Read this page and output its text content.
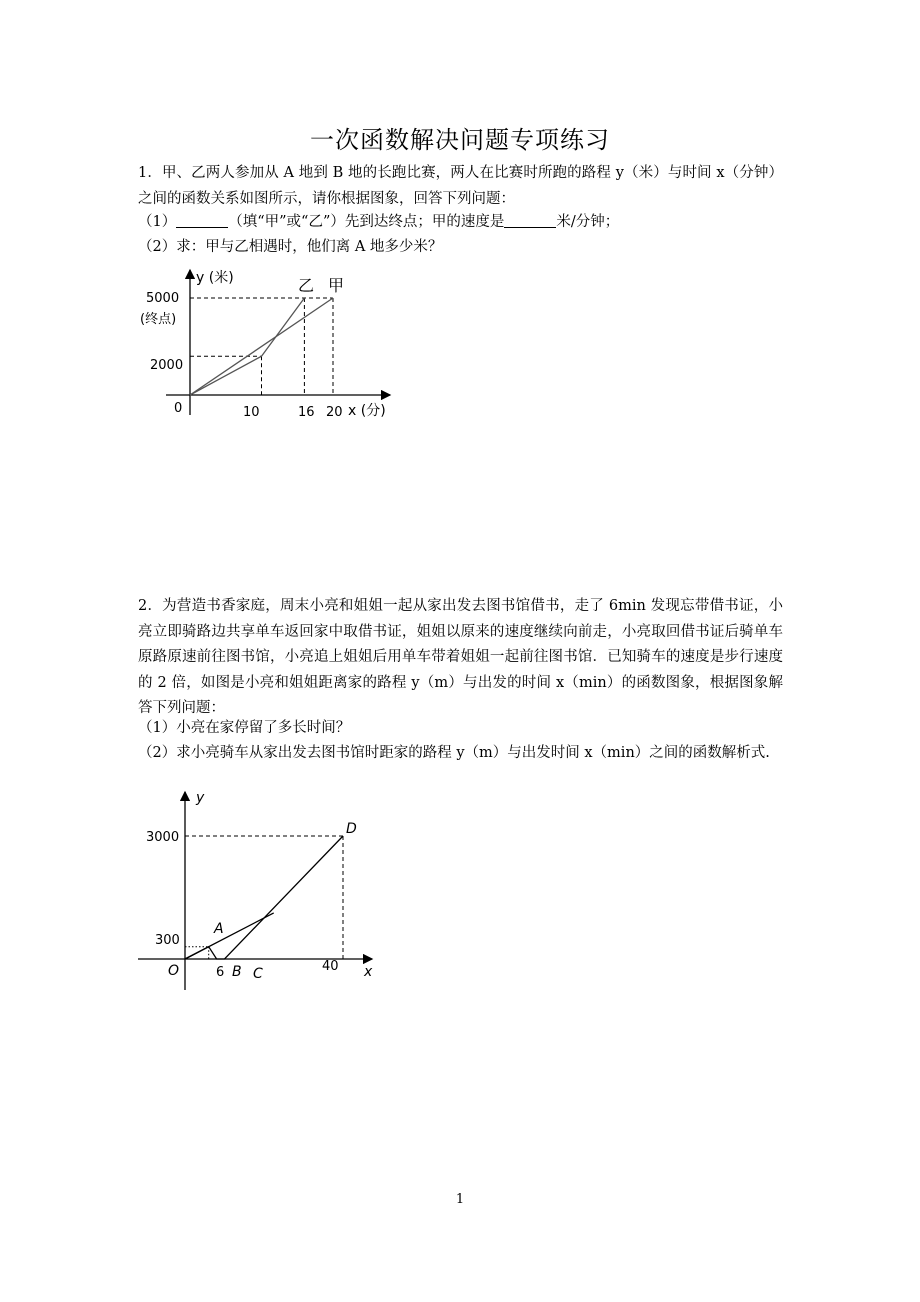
一次函数解决问题专项练习
1．甲、乙两人参加从 A 地到 B 地的长跑比赛，两人在比赛时所跑的路程 y（米）与时间 x（分钟）之间的函数关系如图所示，请你根据图象，回答下列问题：
（1）	（填“甲”或“乙”）先到达终点；甲的速度是	米/分钟；
（2）求：甲与乙相遇时，他们离 A 地多少米？
y (米)
5000
(终点)
2000
0	10	16 20 x (分)
乙 甲
2．为营造书香家庭，周末小亮和姐姐一起从家出发去图书馆借书，走了 6min 发现忘带借书证，小亮立即骑路边共享单车返回家中取借书证，姐姐以原来的速度继续向前走，小亮取回借书证后骑单车原路原速前往图书馆，小亮追上姐姐后用单车带着姐姐一起前往图书馆．已知骑车的速度是步行速度的 2 倍，如图是小亮和姐姐距离家的路程 y（m）与出发的时间 x（min）的函数图象，根据图象解答下列问题：
（1）小亮在家停留了多长时间？
（2）求小亮骑车从家出发去图书馆时距家的路程 y（m）与出发时间 x（min）之间的函数解析式.
y
3000
300
6	40 x
O
A
B C
D
1
